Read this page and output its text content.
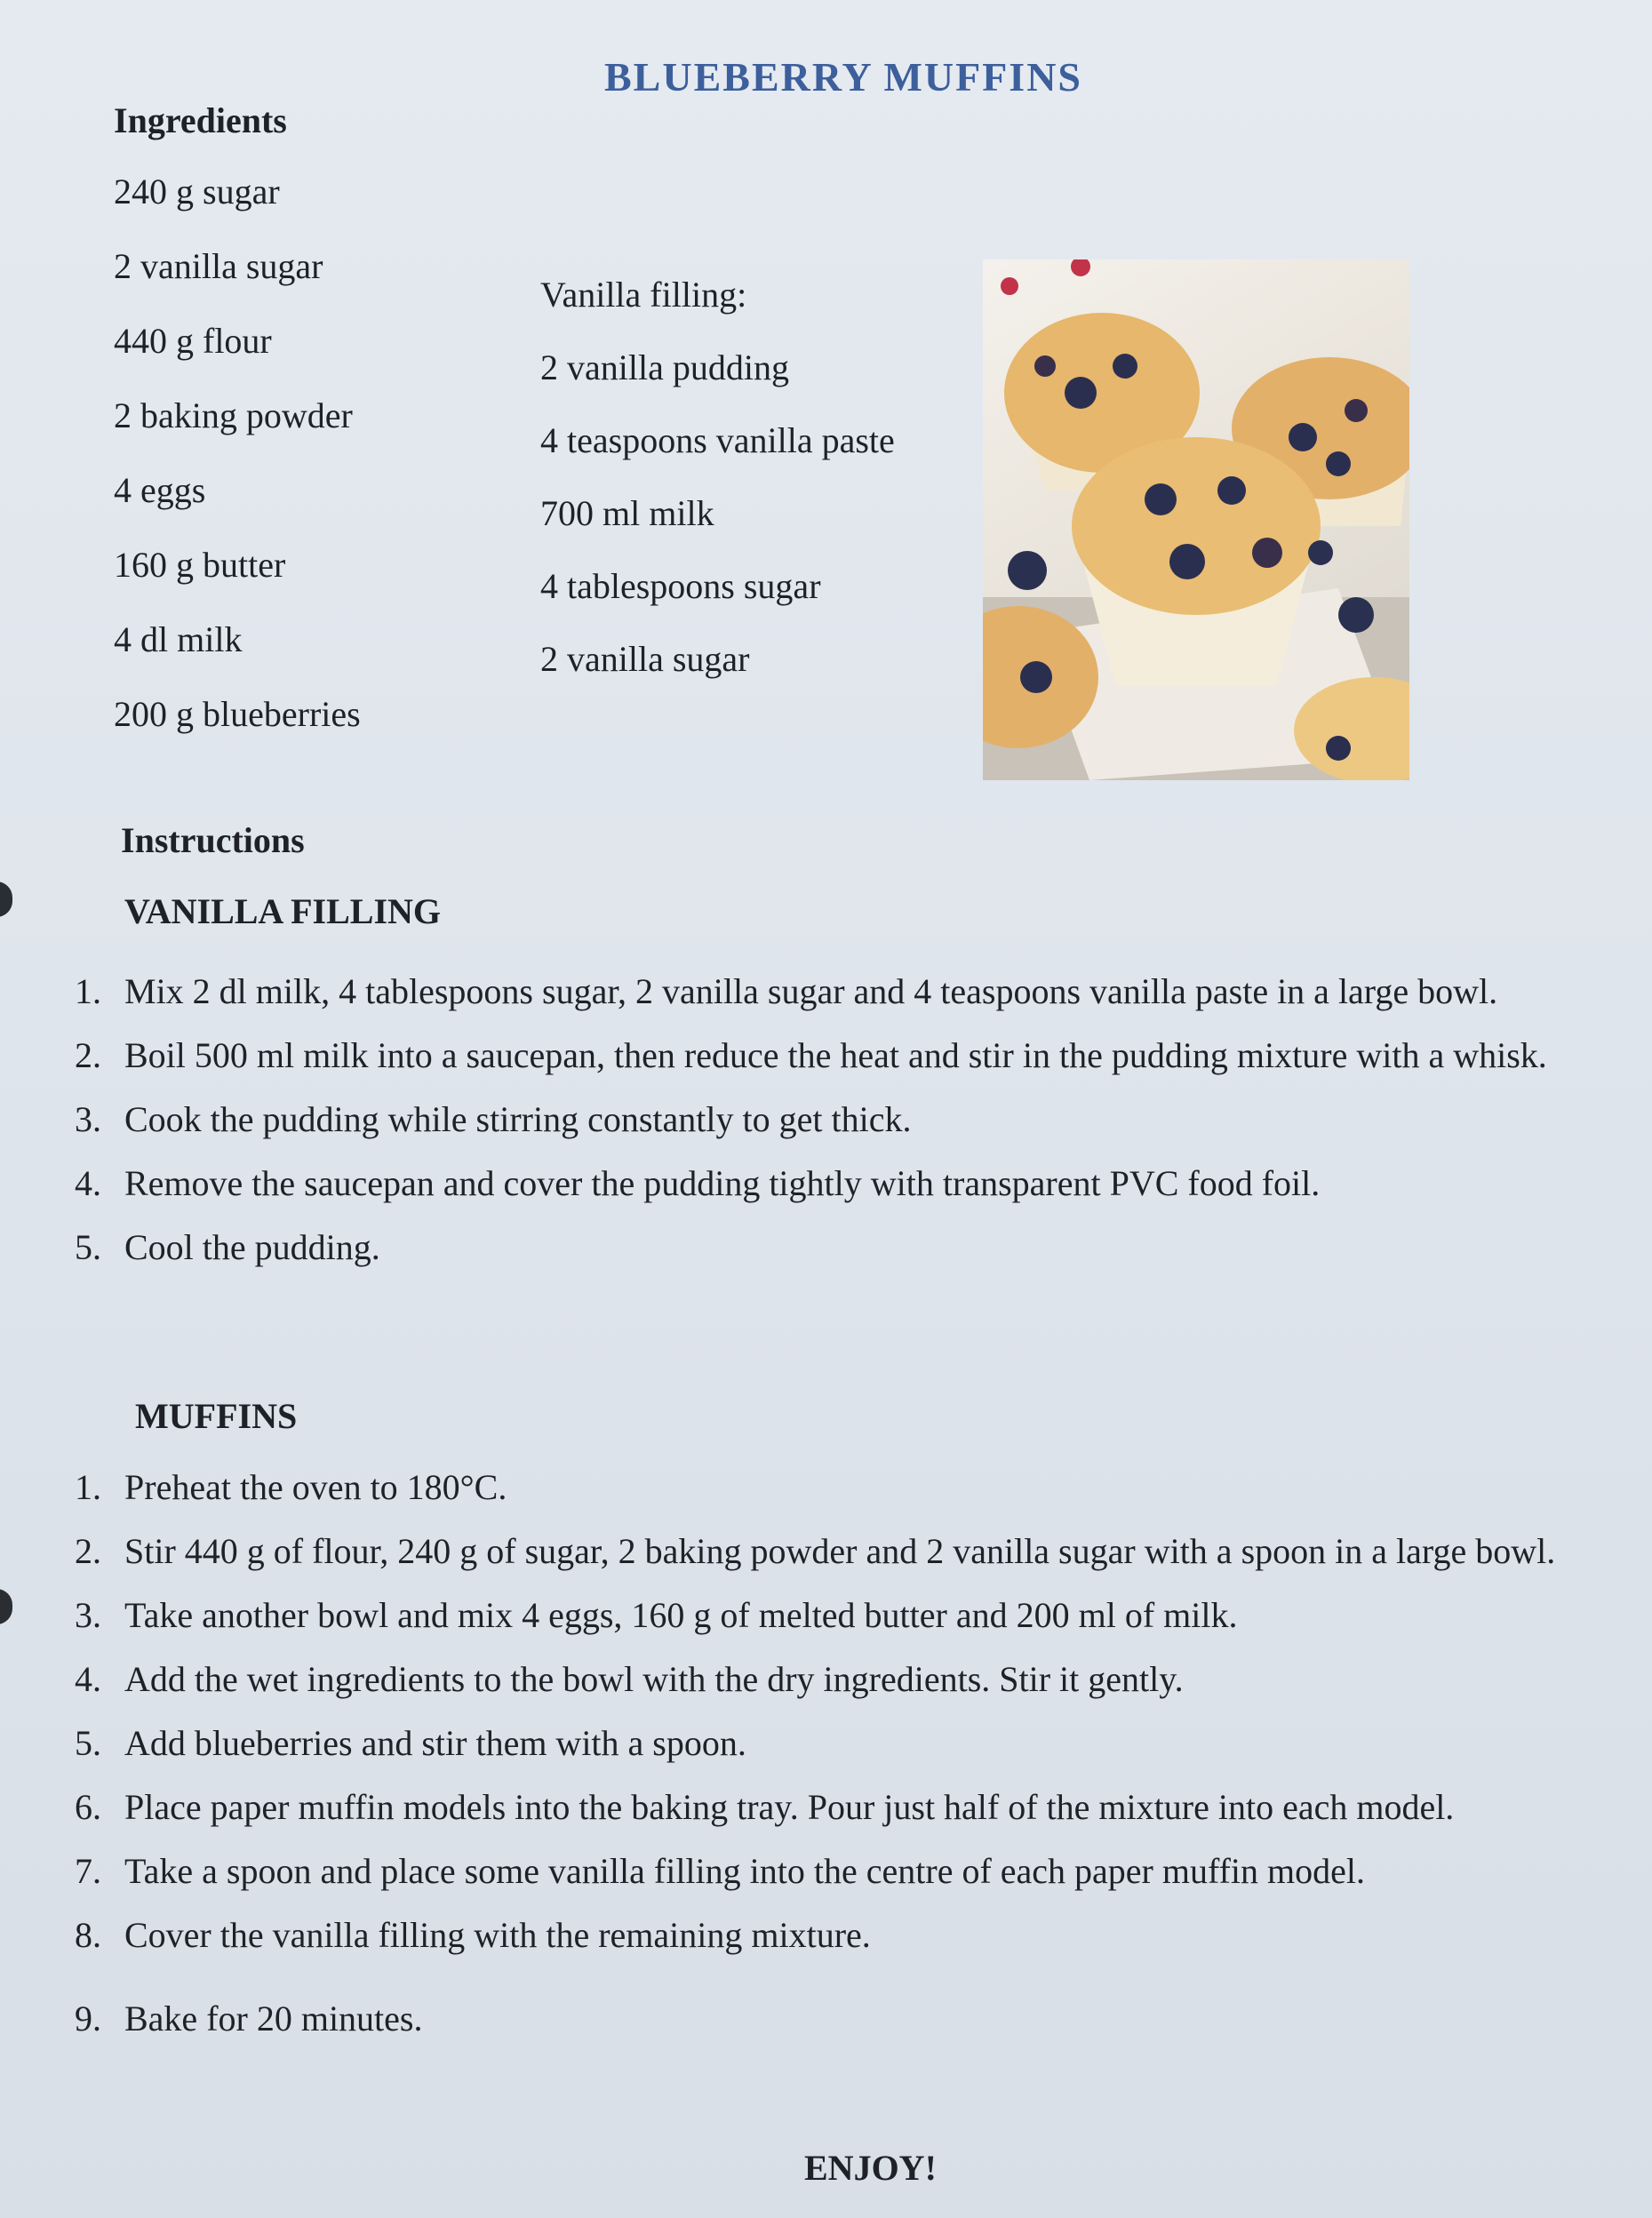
BLUEBERRY MUFFINS
Ingredients
240 g sugar
2 vanilla sugar
440 g flour
2 baking powder
4 eggs
160 g butter
4 dl milk
200 g blueberries
Vanilla filling:
2 vanilla pudding
4 teaspoons vanilla paste
700 ml milk
4 tablespoons sugar
2 vanilla sugar
Instructions
VANILLA FILLING
1. Mix 2 dl milk, 4 tablespoons sugar, 2 vanilla sugar and 4 teaspoons vanilla paste in a large bowl.
2. Boil 500 ml milk into a saucepan, then reduce the heat and stir in the pudding mixture with a whisk.
3. Cook the pudding while stirring constantly to get thick.
4. Remove the saucepan and cover the pudding tightly with transparent PVC food foil.
5. Cool the pudding.
MUFFINS
1. Preheat the oven to 180°C.
2. Stir 440 g of flour, 240 g of sugar, 2 baking powder and 2 vanilla sugar with a spoon in a large bowl.
3. Take another bowl and mix 4 eggs, 160 g of melted butter and 200 ml of milk.
4. Add the wet ingredients to the bowl with the dry ingredients. Stir it gently.
5. Add blueberries and stir them with a spoon.
6. Place paper muffin models into the baking tray. Pour just half of the mixture into each model.
7. Take a spoon and place some vanilla filling into the centre of each paper muffin model.
8. Cover the vanilla filling with the remaining mixture.
9. Bake for 20 minutes.
ENJOY!
